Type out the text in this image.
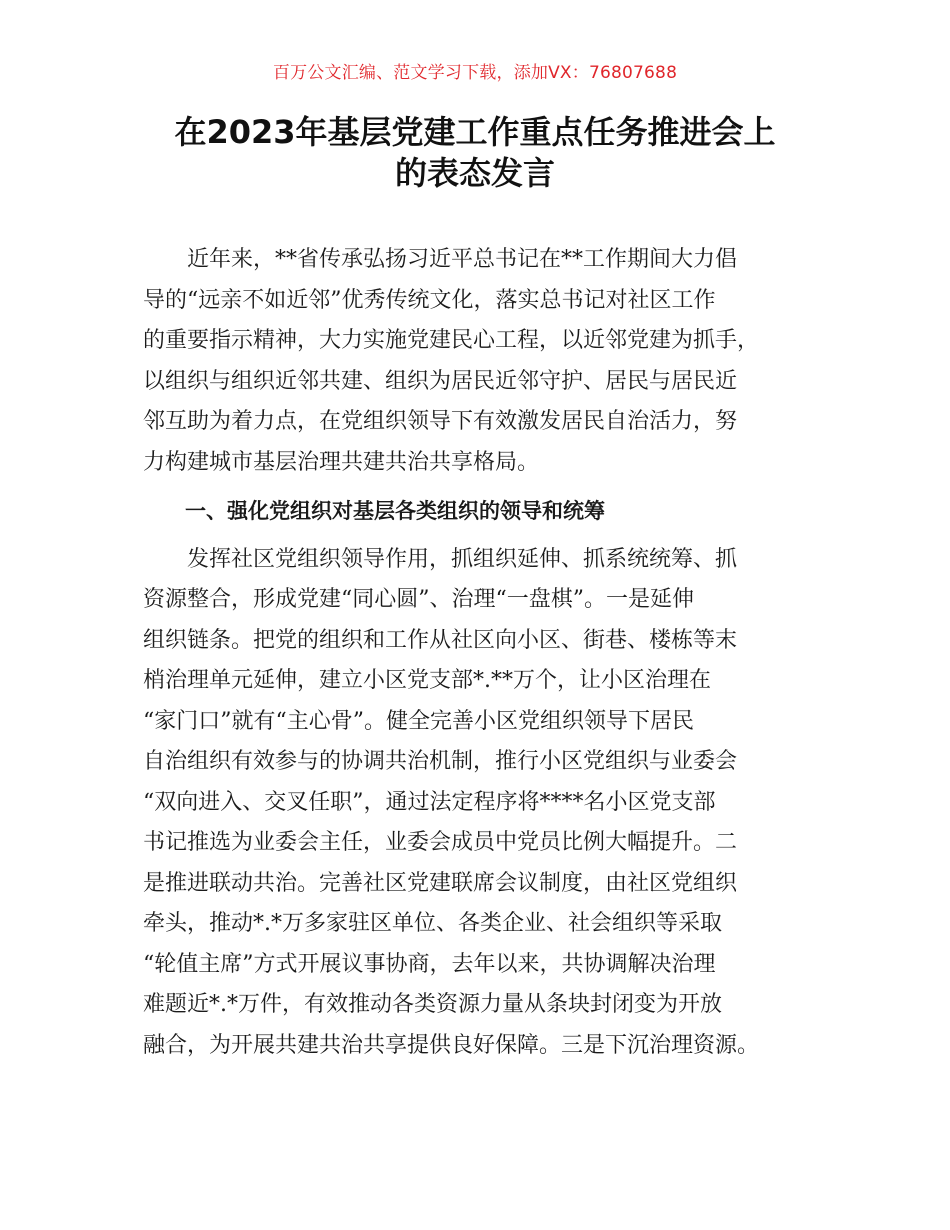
百万公文汇编、范文学习下载，添加VX：76807688
在2023年基层党建工作重点任务推进会上
的表态发言
　　近年来，**省传承弘扬习近平总书记在**工作期间大力倡
导的“远亲不如近邻”优秀传统文化，落实总书记对社区工作
的重要指示精神，大力实施党建民心工程，以近邻党建为抓手，
以组织与组织近邻共建、组织为居民近邻守护、居民与居民近
邻互助为着力点，在党组织领导下有效激发居民自治活力，努
力构建城市基层治理共建共治共享格局。
　　一、强化党组织对基层各类组织的领导和统筹
　　发挥社区党组织领导作用，抓组织延伸、抓系统统筹、抓
资源整合，形成党建“同心圆”、治理“一盘棋”。一是延伸
组织链条。把党的组织和工作从社区向小区、街巷、楼栋等末
梢治理单元延伸，建立小区党支部*.**万个，让小区治理在
“家门口”就有“主心骨”。健全完善小区党组织领导下居民
自治组织有效参与的协调共治机制，推行小区党组织与业委会
“双向进入、交叉任职”，通过法定程序将****名小区党支部
书记推选为业委会主任，业委会成员中党员比例大幅提升。二
是推进联动共治。完善社区党建联席会议制度，由社区党组织
牵头，推动*.*万多家驻区单位、各类企业、社会组织等采取
“轮值主席”方式开展议事协商，去年以来，共协调解决治理
难题近*.*万件，有效推动各类资源力量从条块封闭变为开放
融合，为开展共建共治共享提供良好保障。三是下沉治理资源。
